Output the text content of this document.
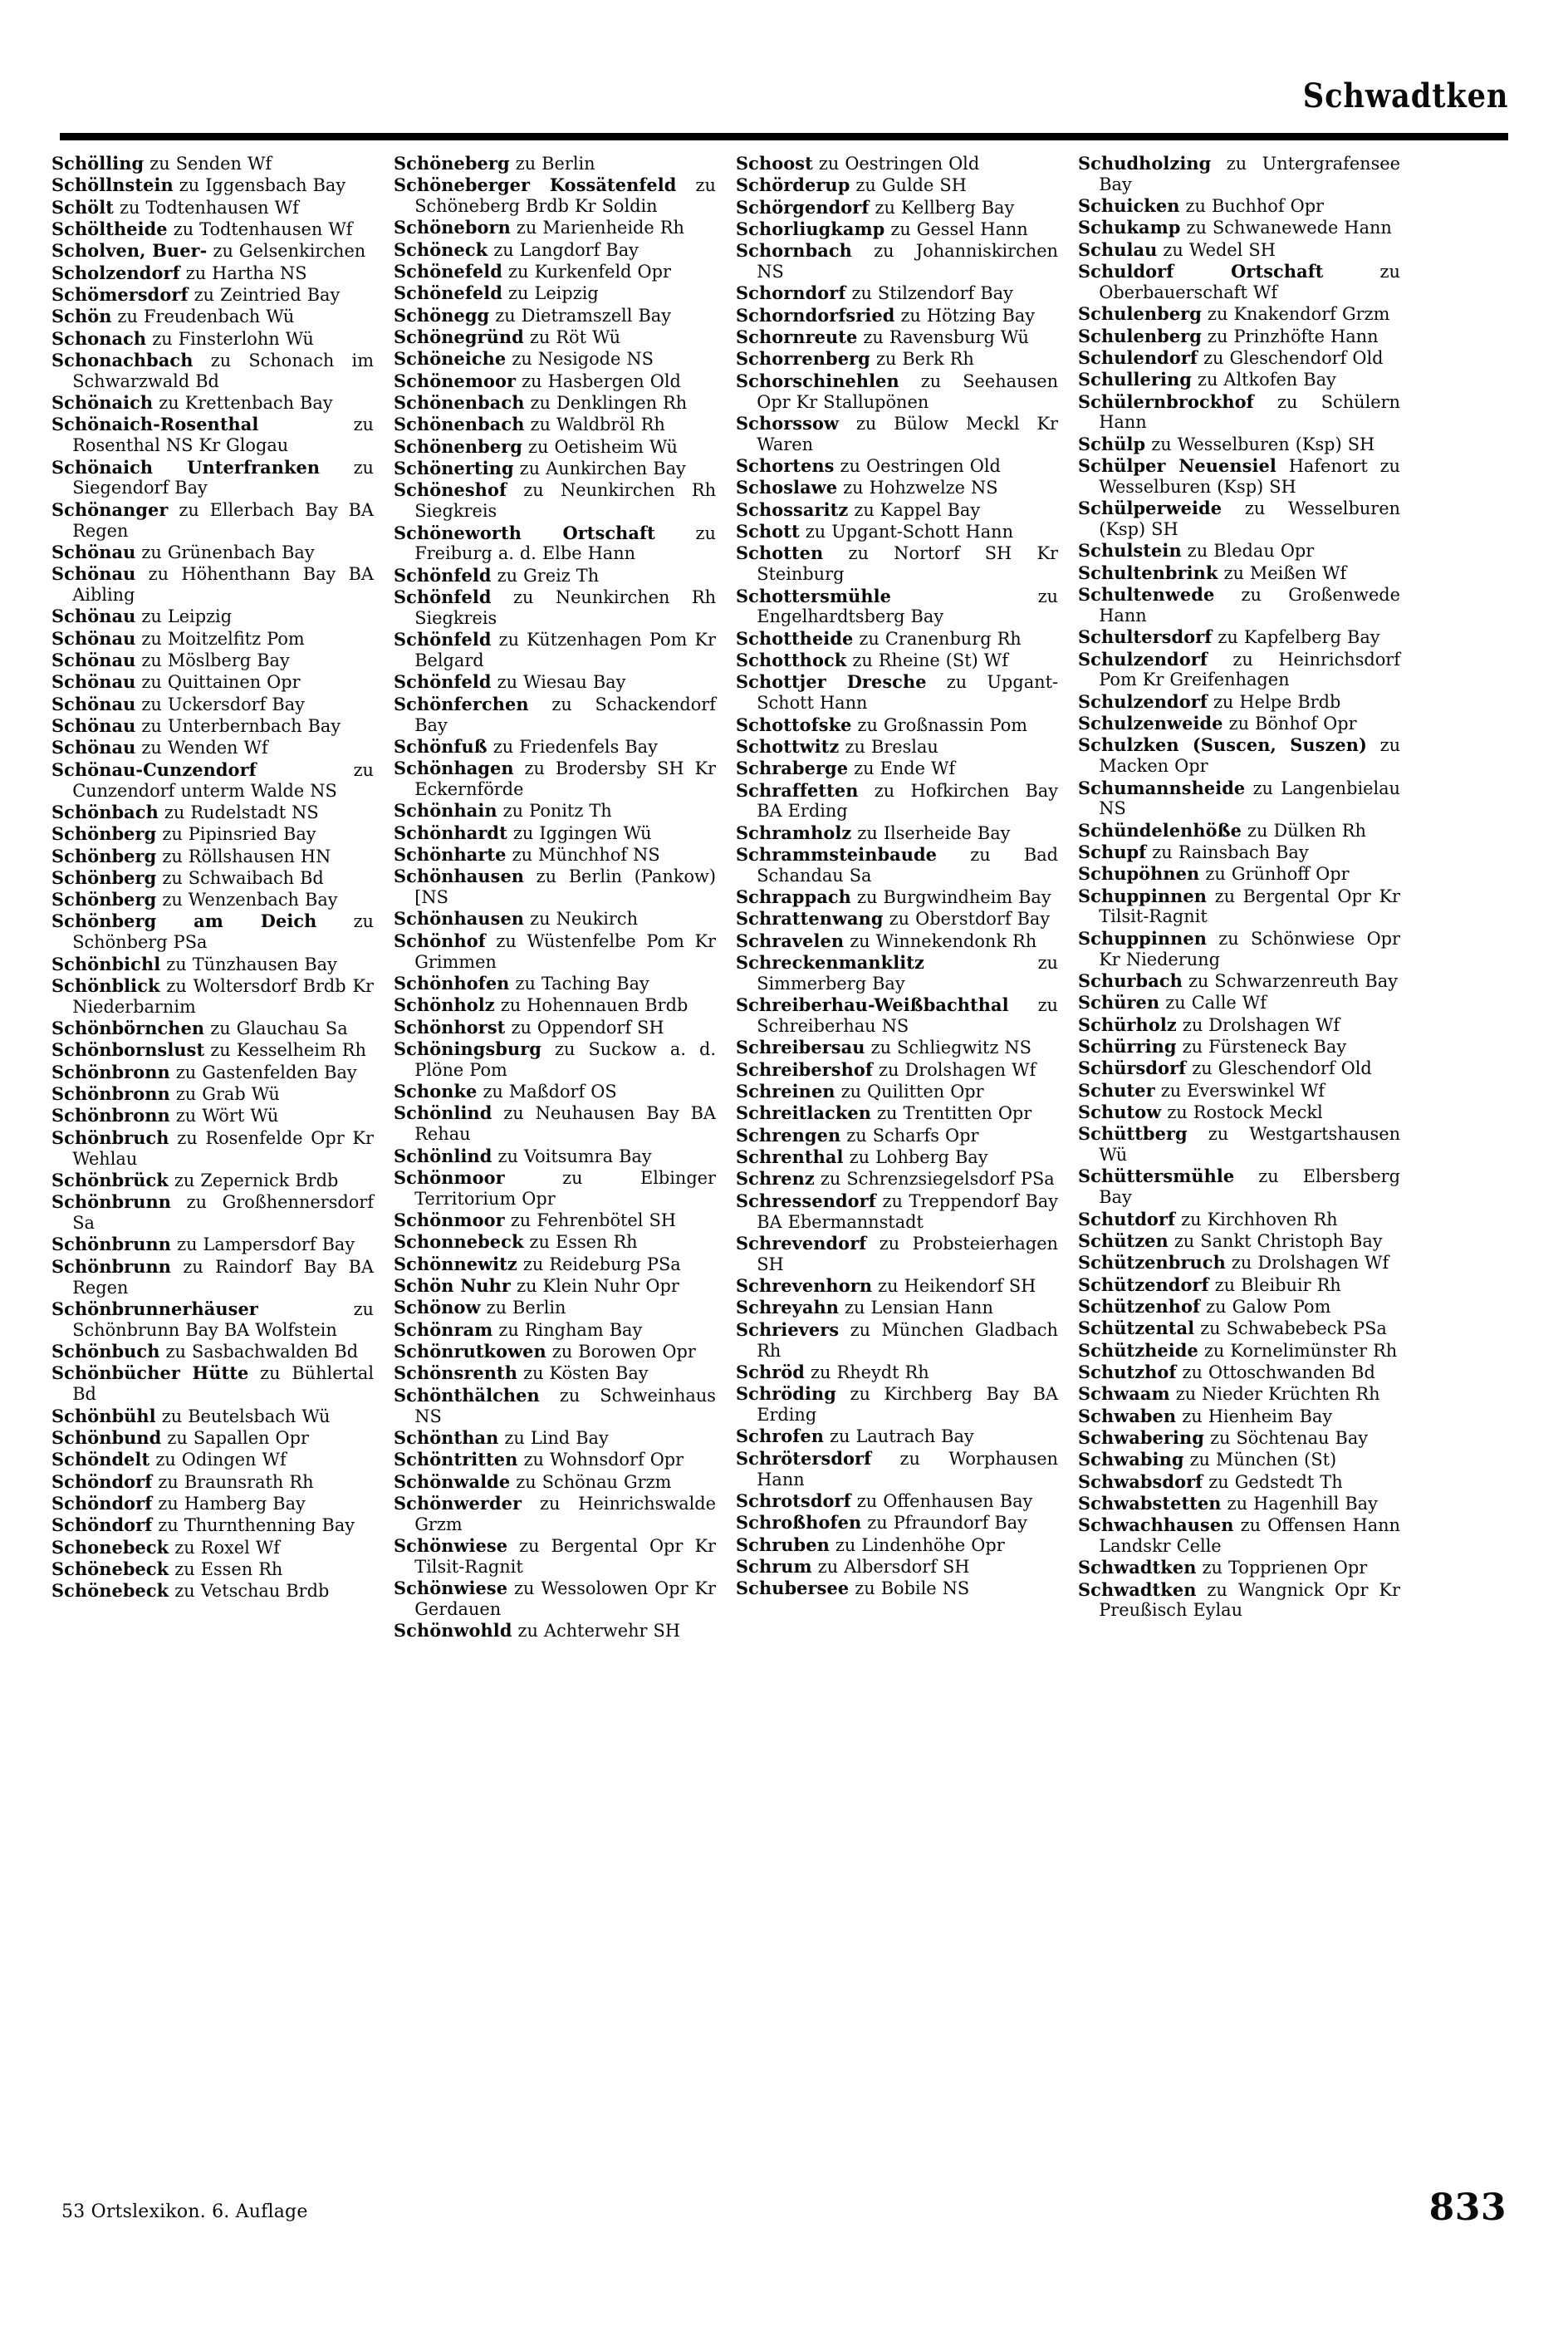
Schwadtken

Schölling zu Senden Wf

Schöllnstein zu Iggensbach Bay

Schölt zu Todtenhausen Wf

Schöltheide zu Todtenhausen Wf

Scholven, Buer- zu Gelsenkirchen

Scholzendorf zu Hartha NS

Schömersdorf zu Zeintried Bay

Schön zu Freudenbach Wü

Schonach zu Finsterlohn Wü

Schonachbach zu Schonach im Schwarzwald Bd

Schönaich zu Krettenbach Bay

Schönaich-Rosenthal zu Rosenthal NS Kr Glogau

Schönaich Unterfranken zu Siegendorf Bay

Schönanger zu Ellerbach Bay BA Regen

Schönau zu Grünenbach Bay

Schönau zu Höhenthann Bay BA Aibling

Schönau zu Leipzig

Schönau zu Moitzelfitz Pom

Schönau zu Möslberg Bay

Schönau zu Quittainen Opr

Schönau zu Uckersdorf Bay

Schönau zu Unterbernbach Bay

Schönau zu Wenden Wf

Schönau-Cunzendorf zu Cunzendorf unterm Walde NS

Schönbach zu Rudelstadt NS

Schönberg zu Pipinsried Bay

Schönberg zu Röllshausen HN

Schönberg zu Schwaibach Bd

Schönberg zu Wenzenbach Bay

Schönberg am Deich zu Schönberg PSa

Schönbichl zu Tünzhausen Bay

Schönblick zu Woltersdorf Brdb Kr Niederbarnim

Schönbörnchen zu Glauchau Sa

Schönbornslust zu Kesselheim Rh

Schönbronn zu Gastenfelden Bay

Schönbronn zu Grab Wü

Schönbronn zu Wört Wü

Schönbruch zu Rosenfelde Opr Kr Wehlau

Schönbrück zu Zepernick Brdb

Schönbrunn zu Großhennersdorf Sa

Schönbrunn zu Lampersdorf Bay

Schönbrunn zu Raindorf Bay BA Regen

Schönbrunnerhäuser zu Schönbrunn Bay BA Wolfstein

Schönbuch zu Sasbachwalden Bd

Schönbücher Hütte zu Bühlertal Bd

Schönbühl zu Beutelsbach Wü

Schönbund zu Sapallen Opr

Schöndelt zu Odingen Wf

Schöndorf zu Braunsrath Rh

Schöndorf zu Hamberg Bay

Schöndorf zu Thurnthenning Bay

Schonebeck zu Roxel Wf

Schönebeck zu Essen Rh

Schönebeck zu Vetschau Brdb

Schöneberg zu Berlin

Schöneberger Kossätenfeld zu Schöneberg Brdb Kr Soldin

Schöneborn zu Marienheide Rh

Schöneck zu Langdorf Bay

Schönefeld zu Kurkenfeld Opr

Schönefeld zu Leipzig

Schönegg zu Dietramszell Bay

Schönegründ zu Röt Wü

Schöneiche zu Nesigode NS

Schönemoor zu Hasbergen Old

Schönenbach zu Denklingen Rh

Schönenbach zu Waldbröl Rh

Schönenberg zu Oetisheim Wü

Schönerting zu Aunkirchen Bay

Schöneshof zu Neunkirchen Rh Siegkreis

Schöneworth Ortschaft zu Freiburg a. d. Elbe Hann

Schönfeld zu Greiz Th

Schönfeld zu Neunkirchen Rh Siegkreis

Schönfeld zu Kützenhagen Pom Kr Belgard

Schönfeld zu Wiesau Bay

Schönferchen zu Schackendorf Bay

Schönfuß zu Friedenfels Bay

Schönhagen zu Brodersby SH Kr Eckernförde

Schönhain zu Ponitz Th

Schönhardt zu Iggingen Wü

Schönharte zu Münchhof NS

Schönhausen zu Berlin (Pankow) [NS

Schönhausen zu Neukirch

Schönhof zu Wüstenfelbe Pom Kr Grimmen

Schönhofen zu Taching Bay

Schönholz zu Hohennauen Brdb

Schönhorst zu Oppendorf SH

Schöningsburg zu Suckow a. d. Plöne Pom

Schonke zu Maßdorf OS

Schönlind zu Neuhausen Bay BA Rehau

Schönlind zu Voitsumra Bay

Schönmoor zu Elbinger Territorium Opr

Schönmoor zu Fehrenbötel SH

Schonnebeck zu Essen Rh

Schönnewitz zu Reideburg PSa

Schön Nuhr zu Klein Nuhr Opr

Schönow zu Berlin

Schönram zu Ringham Bay

Schönrutkowen zu Borowen Opr

Schönsrenth zu Kösten Bay

Schönthälchen zu Schweinhaus NS

Schönthan zu Lind Bay

Schöntritten zu Wohnsdorf Opr

Schönwalde zu Schönau Grzm

Schönwerder zu Heinrichswalde Grzm

Schönwiese zu Bergental Opr Kr Tilsit-Ragnit

Schönwiese zu Wessolowen Opr Kr Gerdauen

Schönwohld zu Achterwehr SH

Schoost zu Oestringen Old

Schörderup zu Gulde SH

Schörgendorf zu Kellberg Bay

Schorliugkamp zu Gessel Hann

Schornbach zu Johanniskirchen NS

Schorndorf zu Stilzendorf Bay

Schorndorfsried zu Hötzing Bay

Schornreute zu Ravensburg Wü

Schorrenberg zu Berk Rh

Schorschinehlen zu Seehausen Opr Kr Stallupönen

Schorssow zu Bülow Meckl Kr Waren

Schortens zu Oestringen Old

Schoslawe zu Hohzwelze NS

Schossaritz zu Kappel Bay

Schott zu Upgant-Schott Hann

Schotten zu Nortorf SH Kr Steinburg

Schottersmühle zu Engelhardtsberg Bay

Schottheide zu Cranenburg Rh

Schotthock zu Rheine (St) Wf

Schottjer Dresche zu Upgant-Schott Hann

Schottofske zu Großnassin Pom

Schottwitz zu Breslau

Schraberge zu Ende Wf

Schraffetten zu Hofkirchen Bay BA Erding

Schramholz zu Ilserheide Bay

Schrammsteinbaude zu Bad Schandau Sa

Schrappach zu Burgwindheim Bay

Schrattenwang zu Oberstdorf Bay

Schravelen zu Winnekendonk Rh

Schreckenmanklitz zu Simmerberg Bay

Schreiberhau-Weißbachthal zu Schreiberhau NS

Schreibersau zu Schliegwitz NS

Schreibershof zu Drolshagen Wf

Schreinen zu Quilitten Opr

Schreitlacken zu Trentitten Opr

Schrengen zu Scharfs Opr

Schrenthal zu Lohberg Bay

Schrenz zu Schrenzsiegelsdorf PSa

Schressendorf zu Treppendorf Bay BA Ebermannstadt

Schrevendorf zu Probsteierhagen SH

Schrevenhorn zu Heikendorf SH

Schreyahn zu Lensian Hann

Schrievers zu München Gladbach Rh

Schröd zu Rheydt Rh

Schröding zu Kirchberg Bay BA Erding

Schrofen zu Lautrach Bay

Schrötersdorf zu Worphausen Hann

Schrotsdorf zu Offenhausen Bay

Schroßhofen zu Pfraundorf Bay

Schruben zu Lindenhöhe Opr

Schrum zu Albersdorf SH

Schubersee zu Bobile NS

Schudholzing zu Untergrafensee Bay

Schuicken zu Buchhof Opr

Schukamp zu Schwanewede Hann

Schulau zu Wedel SH

Schuldorf Ortschaft zu Oberbauerschaft Wf

Schulenberg zu Knakendorf Grzm

Schulenberg zu Prinzhöfte Hann

Schulendorf zu Gleschendorf Old

Schullering zu Altkofen Bay

Schülernbrockhof zu Schülern Hann

Schülp zu Wesselburen (Ksp) SH

Schülper Neuensiel Hafenort zu Wesselburen (Ksp) SH

Schülperweide zu Wesselburen (Ksp) SH

Schulstein zu Bledau Opr

Schultenbrink zu Meißen Wf

Schultenwede zu Großenwede Hann

Schultersdorf zu Kapfelberg Bay

Schulzendorf zu Heinrichsdorf Pom Kr Greifenhagen

Schulzendorf zu Helpe Brdb

Schulzenweide zu Bönhof Opr

Schulzken (Suscen, Suszen) zu Macken Opr

Schumannsheide zu Langenbielau NS

Schündelenhöße zu Dülken Rh

Schupf zu Rainsbach Bay

Schupöhnen zu Grünhoff Opr

Schuppinnen zu Bergental Opr Kr Tilsit-Ragnit

Schuppinnen zu Schönwiese Opr Kr Niederung

Schurbach zu Schwarzenreuth Bay

Schüren zu Calle Wf

Schürholz zu Drolshagen Wf

Schürring zu Fürsteneck Bay

Schürsdorf zu Gleschendorf Old

Schuter zu Everswinkel Wf

Schutow zu Rostock Meckl

Schüttberg zu Westgartshausen Wü

Schüttersmühle zu Elbersberg Bay

Schutdorf zu Kirchhoven Rh

Schützen zu Sankt Christoph Bay

Schützenbruch zu Drolshagen Wf

Schützendorf zu Bleibuir Rh

Schützenhof zu Galow Pom

Schützental zu Schwabebeck PSa

Schützheide zu Kornelimünster Rh

Schutzhof zu Ottoschwanden Bd

Schwaam zu Nieder Krüchten Rh

Schwaben zu Hienheim Bay

Schwabering zu Söchtenau Bay

Schwabing zu München (St)

Schwabsdorf zu Gedstedt Th

Schwabstetten zu Hagenhill Bay

Schwachhausen zu Offensen Hann Landskr Celle

Schwadtken zu Topprienen Opr

Schwadtken zu Wangnick Opr Kr Preußisch Eylau

53 Ortslexikon. 6. Auflage	833
